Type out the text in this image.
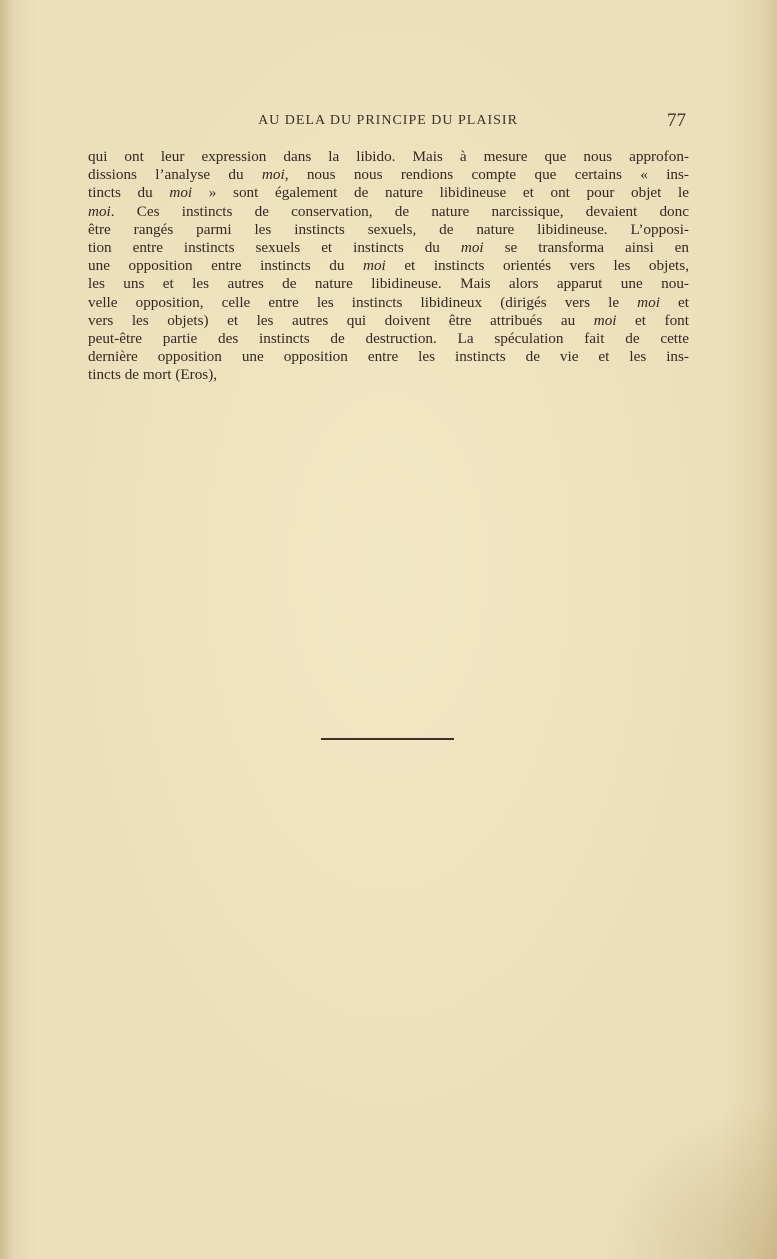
AU DELA DU PRINCIPE DU PLAISIR	77
qui ont leur expression dans la libido. Mais à mesure que nous approfon-
dissions l’analyse du moi, nous nous rendions compte que certains « ins-
tincts du moi » sont également de nature libidineuse et ont pour objet le
moi. Ces instincts de conservation, de nature narcissique, devaient donc
être rangés parmi les instincts sexuels, de nature libidineuse. L’opposi-
tion entre instincts sexuels et instincts du moi se transforma ainsi en
une opposition entre instincts du moi et instincts orientés vers les objets,
les uns et les autres de nature libidineuse. Mais alors apparut une nou-
velle opposition, celle entre les instincts libidineux (dirigés vers le moi et
vers les objets) et les autres qui doivent être attribués au moi et font
peut-être partie des instincts de destruction. La spéculation fait de cette
dernière opposition une opposition entre les instincts de vie et les ins-
tincts de mort (Eros),
